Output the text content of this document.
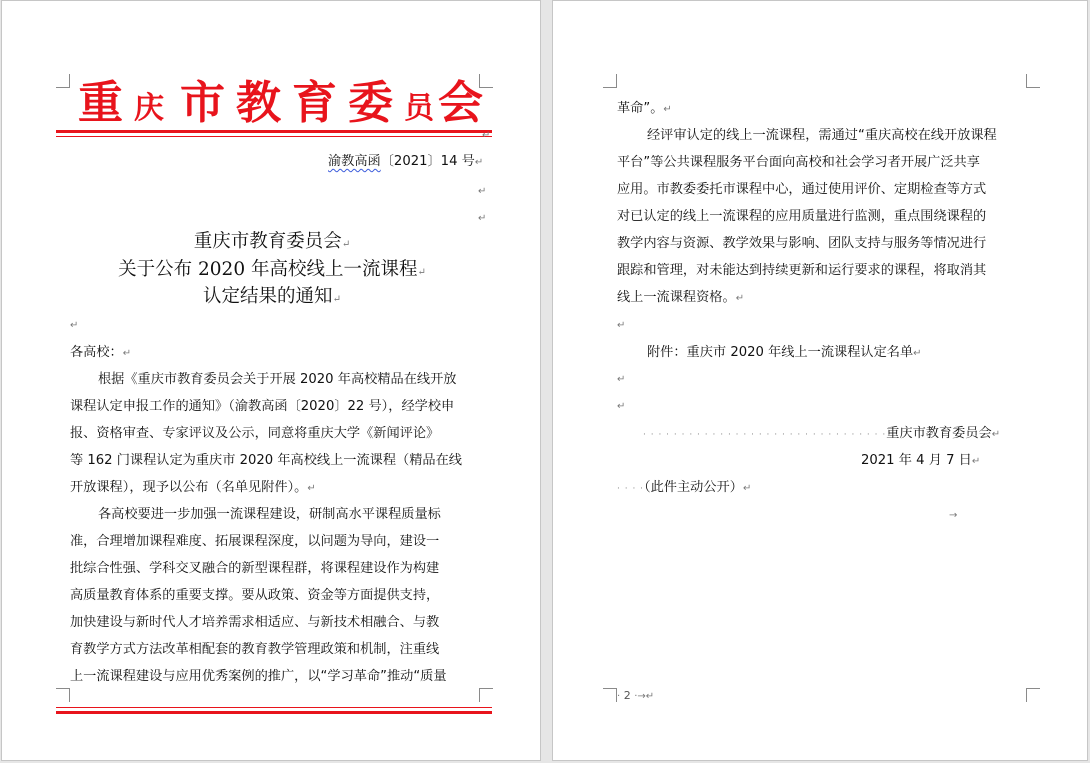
重 庆 市 教 育 委 员 会
↵
渝教高函〔2021〕14 号↵
↵
↵
重庆市教育委员会↵
关于公布 2020 年高校线上一流课程↵
认定结果的通知↵
↵
各高校：↵
根据《重庆市教育委员会关于开展 2020 年高校精品在线开放
课程认定申报工作的通知》（渝教高函〔2020〕22 号），经学校申
报、资格审查、专家评议及公示，同意将重庆大学《新闻评论》
等 162 门课程认定为重庆市 2020 年高校线上一流课程（精品在线
开放课程），现予以公布（名单见附件）。↵
各高校要进一步加强一流课程建设，研制高水平课程质量标
准，合理增加课程难度、拓展课程深度，以问题为导向，建设一
批综合性强、学科交叉融合的新型课程群，将课程建设作为构建
高质量教育体系的重要支撑。要从政策、资金等方面提供支持，
加快建设与新时代人才培养需求相适应、与新技术相融合、与教
育教学方式方法改革相配套的教育教学管理政策和机制，注重线
上一流课程建设与应用优秀案例的推广，以“学习革命”推动“质量
革命”。↵
经评审认定的线上一流课程，需通过“重庆高校在线开放课程
平台”等公共课程服务平台面向高校和社会学习者开展广泛共享
应用。市教委委托市课程中心，通过使用评价、定期检查等方式
对已认定的线上一流课程的应用质量进行监测，重点围绕课程的
教学内容与资源、教学效果与影响、团队支持与服务等情况进行
跟踪和管理，对未能达到持续更新和运行要求的课程，将取消其
线上一流课程资格。↵
↵
附件：重庆市 2020 年线上一流课程认定名单↵
↵
↵
· · · · · · · · · · · · · · · · · · · · · · · · · · · · · · · ·重庆市教育委员会↵
2021 年 4 月 7 日↵
· · · ·（此件主动公开）↵
→
· 2 ·→↵
